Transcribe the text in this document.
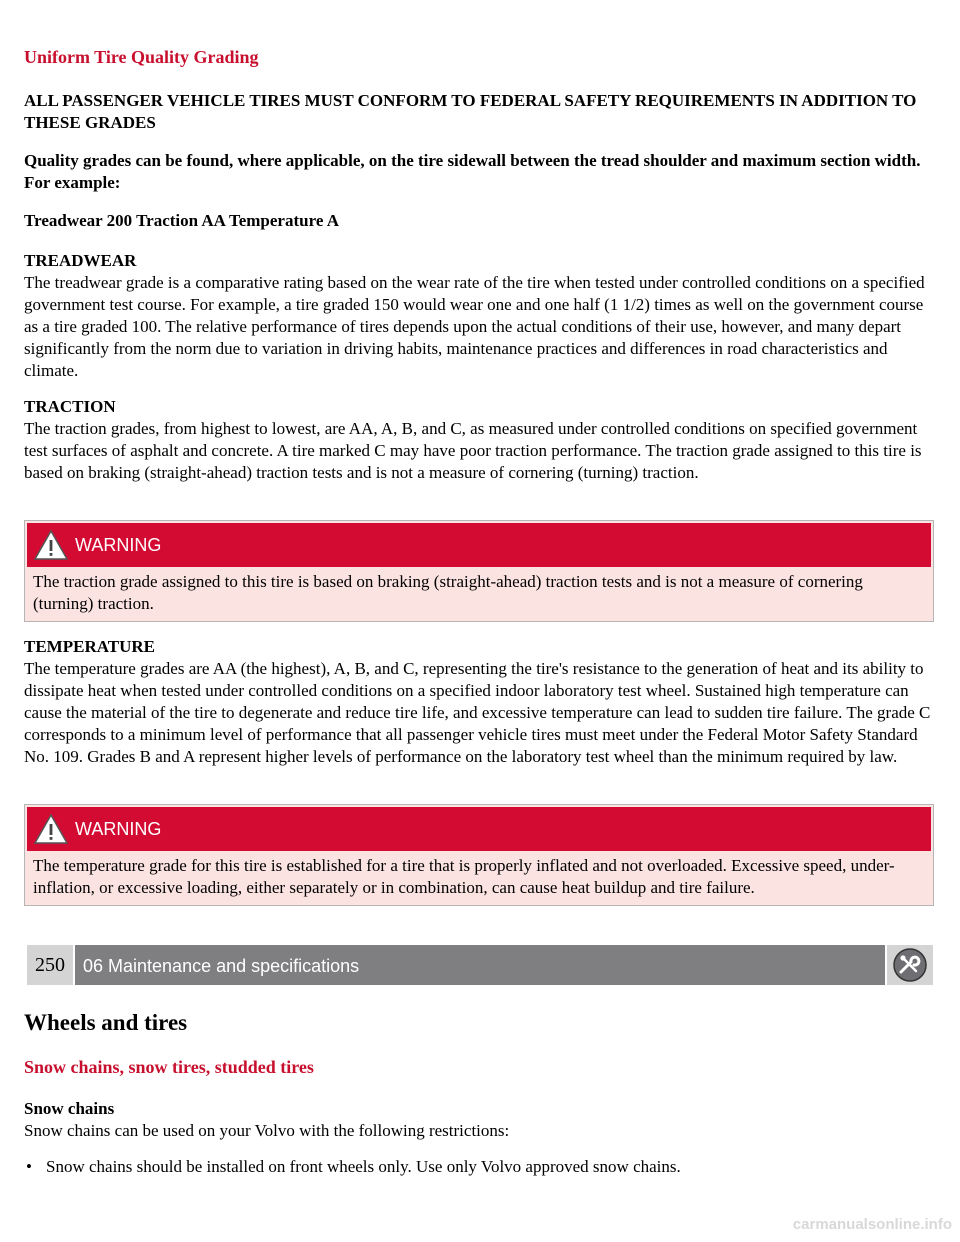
Uniform Tire Quality Grading

ALL PASSENGER VEHICLE TIRES MUST CONFORM TO FEDERAL SAFETY REQUIREMENTS IN ADDITION TO THESE GRADES

Quality grades can be found, where applicable, on the tire sidewall between the tread shoulder and maximum section width. For example:

Treadwear 200 Traction AA Temperature A

TREADWEAR

The treadwear grade is a comparative rating based on the wear rate of the tire when tested under controlled conditions on a specified government test course. For example, a tire graded 150 would wear one and one half (1 1/2) times as well on the government course as a tire graded 100. The relative performance of tires depends upon the actual conditions of their use, however, and many depart significantly from the norm due to variation in driving habits, maintenance practices and differences in road characteristics and climate.

TRACTION

The traction grades, from highest to lowest, are AA, A, B, and C, as measured under controlled conditions on specified government test surfaces of asphalt and concrete. A tire marked C may have poor traction performance. The traction grade assigned to this tire is based on braking (straight-ahead) traction tests and is not a measure of cornering (turning) traction.

WARNING

The traction grade assigned to this tire is based on braking (straight-ahead) traction tests and is not a measure of cornering (turning) traction.

TEMPERATURE

The temperature grades are AA (the highest), A, B, and C, representing the tire's resistance to the generation of heat and its ability to dissipate heat when tested under controlled conditions on a specified indoor laboratory test wheel. Sustained high temperature can cause the material of the tire to degenerate and reduce tire life, and excessive temperature can lead to sudden tire failure. The grade C corresponds to a minimum level of performance that all passenger vehicle tires must meet under the Federal Motor Safety Standard No. 109. Grades B and A represent higher levels of performance on the laboratory test wheel than the minimum required by law.

WARNING

The temperature grade for this tire is established for a tire that is properly inflated and not overloaded. Excessive speed, under-inflation, or excessive loading, either separately or in combination, can cause heat buildup and tire failure.

250	06 Maintenance and specifications

Wheels and tires

Snow chains, snow tires, studded tires

Snow chains

Snow chains can be used on your Volvo with the following restrictions:

• Snow chains should be installed on front wheels only. Use only Volvo approved snow chains.
carmanualsonline.info
